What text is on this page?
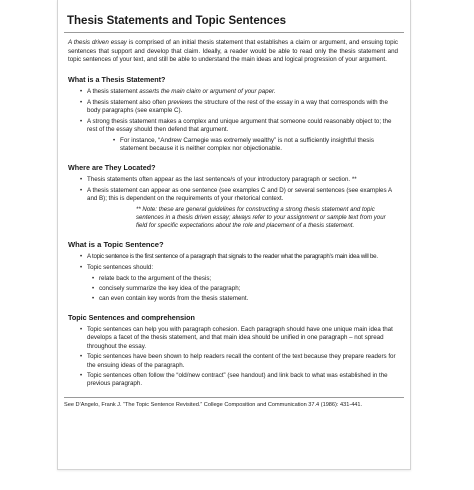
Thesis Statements and Topic Sentences

A thesis driven essay is comprised of an initial thesis statement that establishes a claim or argument, and ensuing topic sentences that support and develop that claim. Ideally, a reader would be able to read only the thesis statement and topic sentences of your text, and still be able to understand the main ideas and logical progression of your argument.

What is a Thesis Statement?
• A thesis statement asserts the main claim or argument of your paper.
• A thesis statement also often previews the structure of the rest of the essay in a way that corresponds with the body paragraphs (see example C).
• A strong thesis statement makes a complex and unique argument that someone could reasonably object to; the rest of the essay should then defend that argument.
• For instance, “Andrew Carnegie was extremely wealthy” is not a sufficiently insightful thesis statement because it is neither complex nor objectionable.
Where are They Located?
• Thesis statements often appear as the last sentence/s of your introductory paragraph or section. **
• A thesis statement can appear as one sentence (see examples C and D) or several sentences (see examples A and B); this is dependent on the requirements of your rhetorical context.
** Note: these are general guidelines for constructing a strong thesis statement and topic sentences in a thesis driven essay; always refer to your assignment or sample text from your field for specific expectations about the role and placement of a thesis statement.
What is a Topic Sentence?
• A topic sentence is the first sentence of a paragraph that signals to the reader what the paragraph’s main idea will be.
• Topic sentences should:
• relate back to the argument of the thesis;
• concisely summarize the key idea of the paragraph;
• can even contain key words from the thesis statement.
Topic Sentences and comprehension
• Topic sentences can help you with paragraph cohesion. Each paragraph should have one unique main idea that develops a facet of the thesis statement, and that main idea should be unified in one paragraph – not spread throughout the essay.
• Topic sentences have been shown to help readers recall the content of the text because they prepare readers for the ensuing ideas of the paragraph.
• Topic sentences often follow the “old/new contract” (see handout) and link back to what was established in the previous paragraph.
See D’Angelo, Frank J. “The Topic Sentence Revisited.” College Composition and Communication 37.4 (1986): 431-441.
